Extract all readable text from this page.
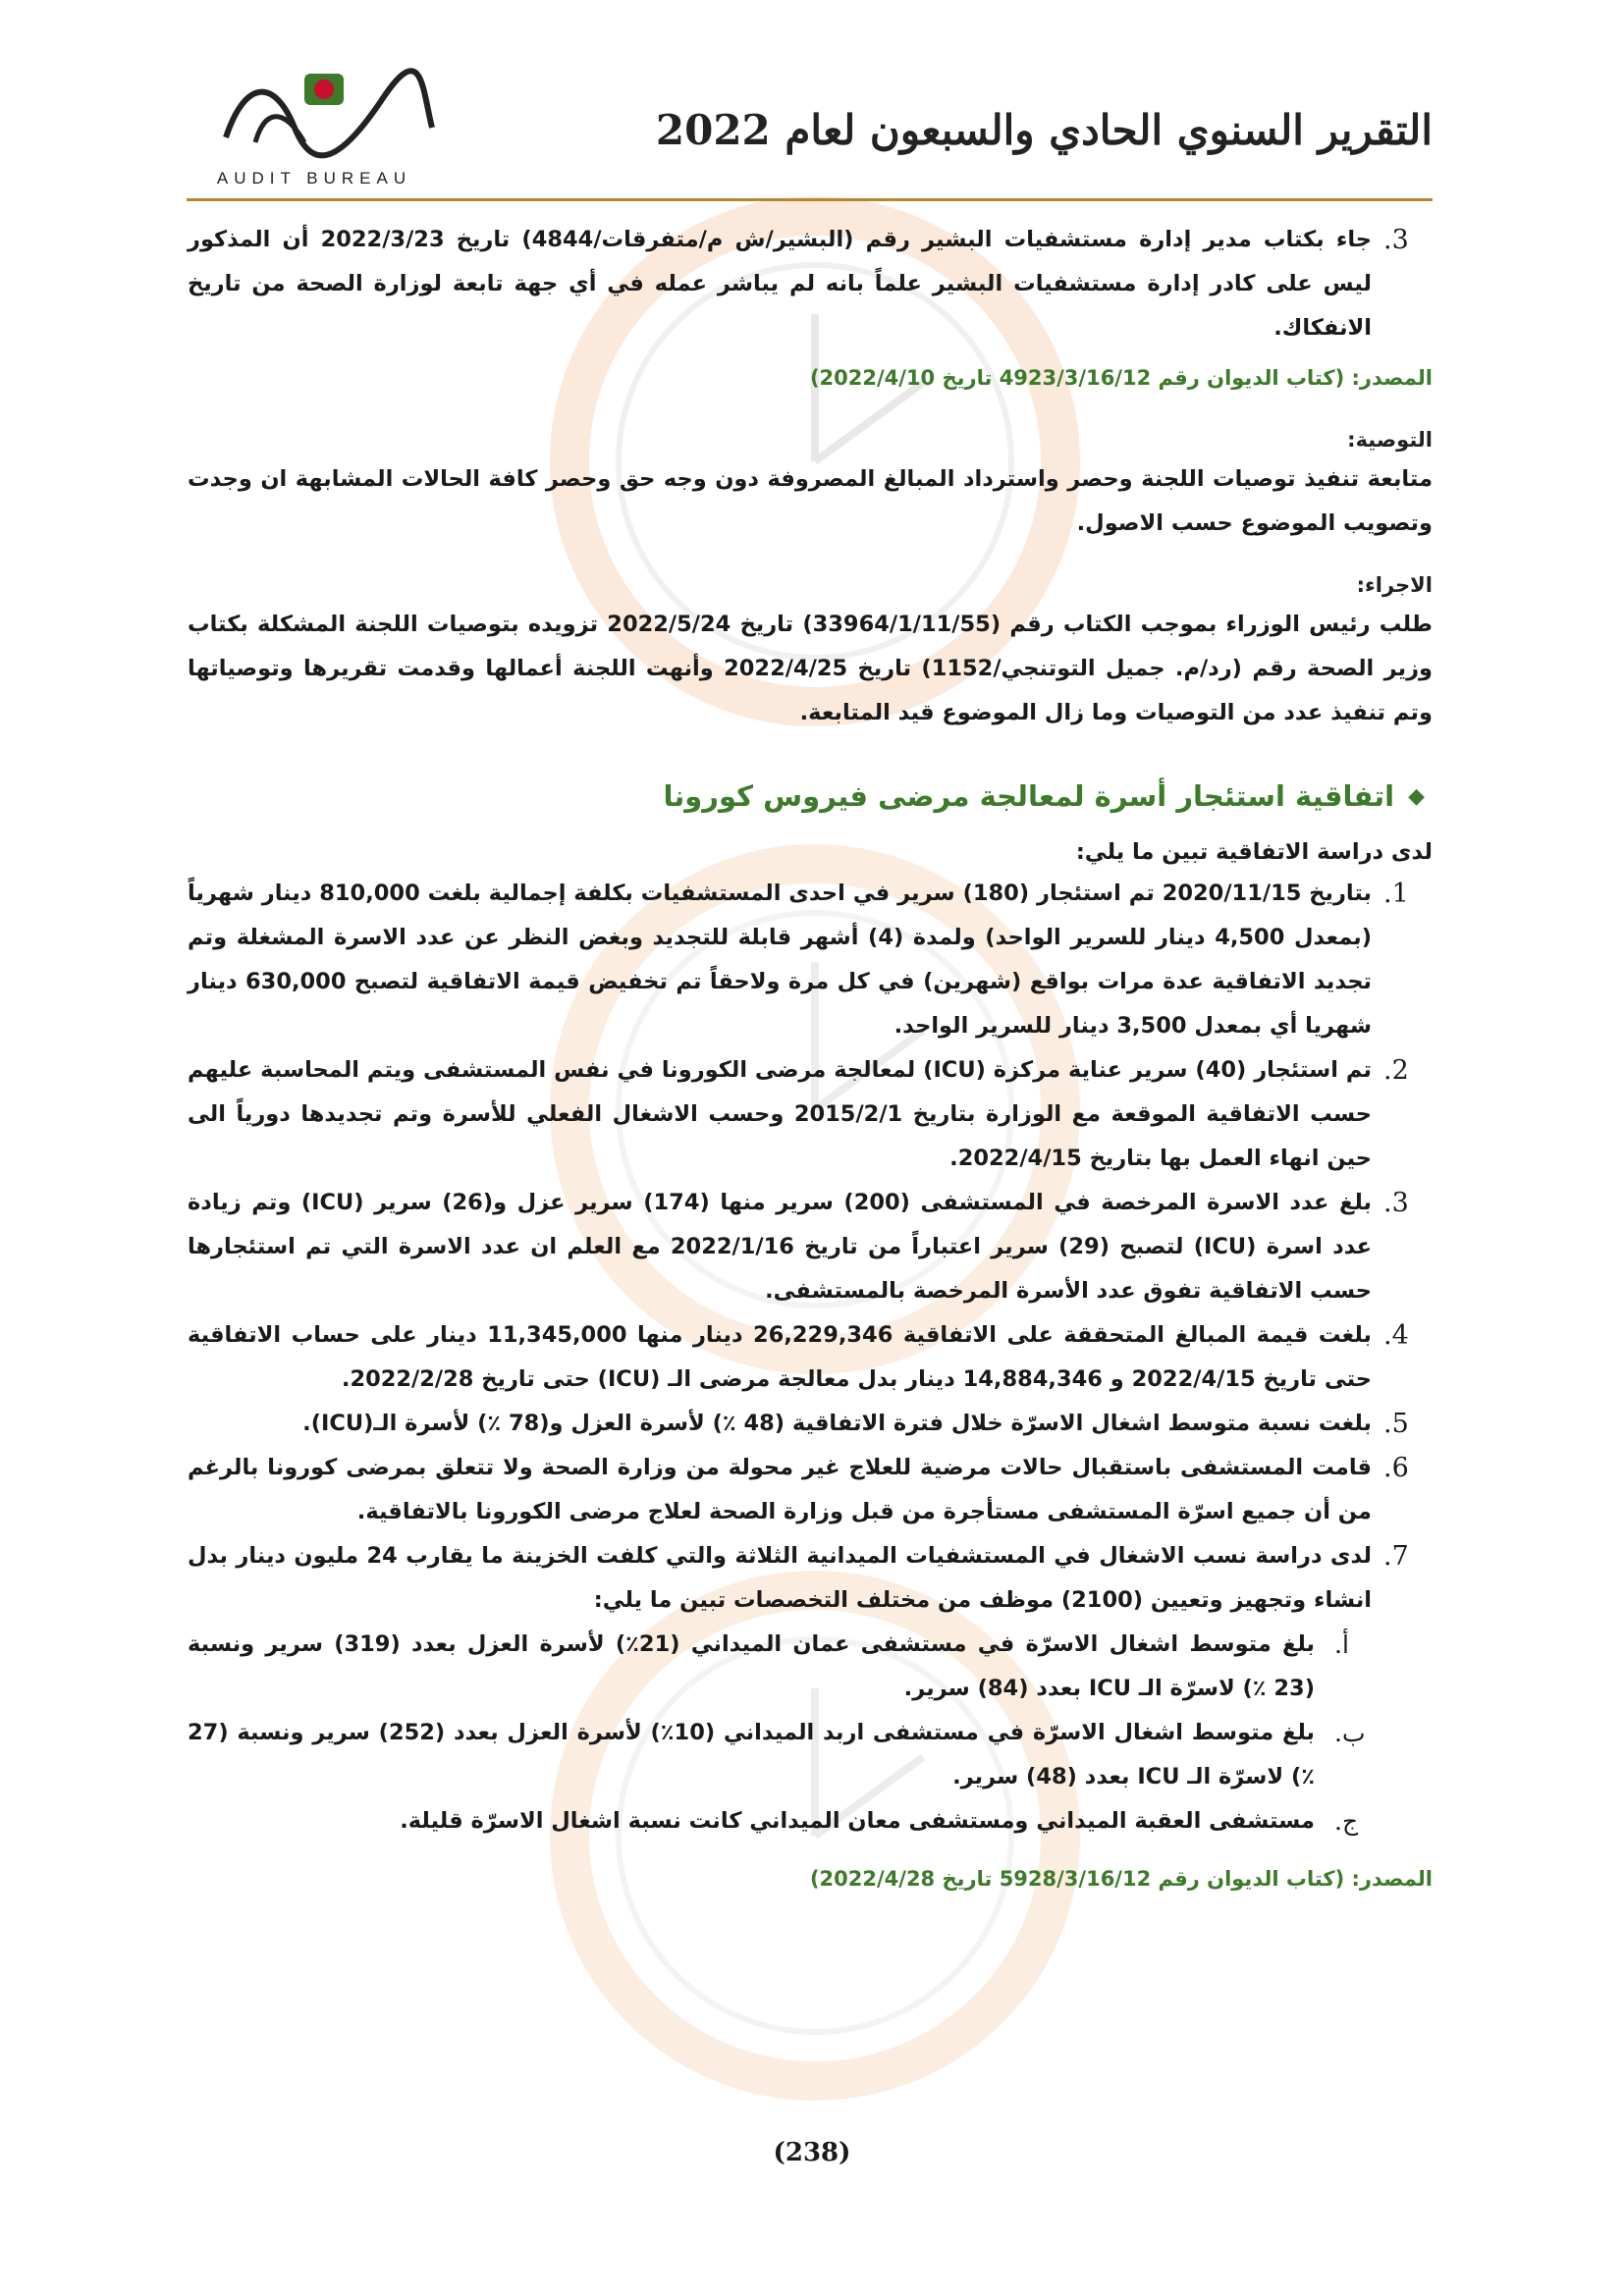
التقرير السنوي الحادي والسبعون لعام 2022
AUDIT BUREAU
3.
جاء بكتاب مدير إدارة مستشفيات البشير رقم (البشير/ش م/متفرقات/4844) تاريخ 2022/3/23 أن المذكور ليس على كادر إدارة مستشفيات البشير علماً بانه لم يباشر عمله في أي جهة تابعة لوزارة الصحة من تاريخ الانفكاك.
المصدر: (كتاب الديوان رقم 4923/3/16/12 تاريخ 2022/4/10)
التوصية:
متابعة تنفيذ توصيات اللجنة وحصر واسترداد المبالغ المصروفة دون وجه حق وحصر كافة الحالات المشابهة ان وجدت وتصويب الموضوع حسب الاصول.
الاجراء:
طلب رئيس الوزراء بموجب الكتاب رقم (33964/1/11/55) تاريخ 2022/5/24 تزويده بتوصيات اللجنة المشكلة بكتاب وزير الصحة رقم (رد/م. جميل التوتنجي/1152) تاريخ 2022/4/25 وأنهت اللجنة أعمالها وقدمت تقريرها وتوصياتها وتم تنفيذ عدد من التوصيات وما زال الموضوع قيد المتابعة.
◆
اتفاقية استئجار أسرة لمعالجة مرضى فيروس كورونا
لدى دراسة الاتفاقية تبين ما يلي:
1.
بتاريخ 2020/11/15 تم استئجار (180) سرير في احدى المستشفيات بكلفة إجمالية بلغت 810,000 دينار شهرياً (بمعدل 4,500 دينار للسرير الواحد) ولمدة (4) أشهر قابلة للتجديد وبغض النظر عن عدد الاسرة المشغلة وتم تجديد الاتفاقية عدة مرات بواقع (شهرين) في كل مرة ولاحقاً تم تخفيض قيمة الاتفاقية لتصبح 630,000 دينار شهريا أي بمعدل 3,500 دينار للسرير الواحد.
2.
تم استئجار (40) سرير عناية مركزة (ICU) لمعالجة مرضى الكورونا في نفس المستشفى ويتم المحاسبة عليهم حسب الاتفاقية الموقعة مع الوزارة بتاريخ 2015/2/1 وحسب الاشغال الفعلي للأسرة وتم تجديدها دورياً الى حين انهاء العمل بها بتاريخ 2022/4/15.
3.
بلغ عدد الاسرة المرخصة في المستشفى (200) سرير منها (174) سرير عزل و(26) سرير (ICU) وتم زيادة عدد اسرة (ICU) لتصبح (29) سرير اعتباراً من تاريخ 2022/1/16 مع العلم ان عدد الاسرة التي تم استئجارها حسب الاتفاقية تفوق عدد الأسرة المرخصة بالمستشفى.
4.
بلغت قيمة المبالغ المتحققة على الاتفاقية 26,229,346 دينار منها 11,345,000 دينار على حساب الاتفاقية حتى تاريخ 2022/4/15 و 14,884,346 دينار بدل معالجة مرضى الـ (ICU) حتى تاريخ 2022/2/28.
5.
بلغت نسبة متوسط اشغال الاسرّة خلال فترة الاتفاقية (48 ٪) لأسرة العزل و(78 ٪) لأسرة الـ(ICU).
6.
قامت المستشفى باستقبال حالات مرضية للعلاج غير محولة من وزارة الصحة ولا تتعلق بمرضى كورونا بالرغم من أن جميع اسرّة المستشفى مستأجرة من قبل وزارة الصحة لعلاج مرضى الكورونا بالاتفاقية.
7.
لدى دراسة نسب الاشغال في المستشفيات الميدانية الثلاثة والتي كلفت الخزينة ما يقارب 24 مليون دينار بدل انشاء وتجهيز وتعيين (2100) موظف من مختلف التخصصات تبين ما يلي:
أ.
بلغ متوسط اشغال الاسرّة في مستشفى عمان الميداني (21٪) لأسرة العزل بعدد (319) سرير ونسبة (23 ٪) لاسرّة الـ ICU بعدد (84) سرير.
ب.
بلغ متوسط اشغال الاسرّة في مستشفى اربد الميداني (10٪) لأسرة العزل بعدد (252) سرير ونسبة (27 ٪) لاسرّة الـ ICU بعدد (48) سرير.
ج.
مستشفى العقبة الميداني ومستشفى معان الميداني كانت نسبة اشغال الاسرّة قليلة.
المصدر: (كتاب الديوان رقم 5928/3/16/12 تاريخ 2022/4/28)
(238)
